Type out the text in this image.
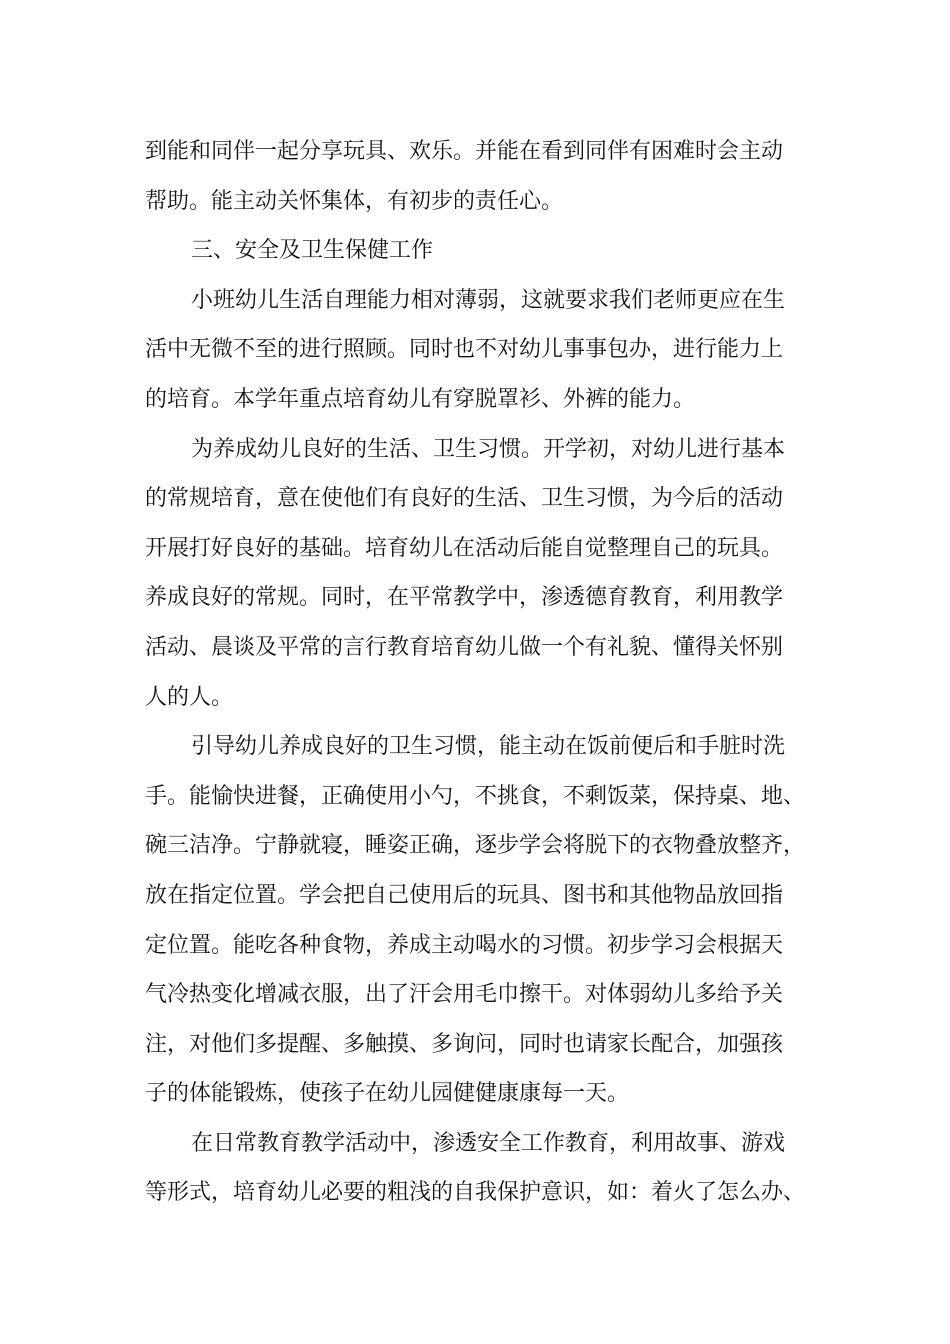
到能和同伴一起分享玩具、欢乐。并能在看到同伴有困难时会主动
帮助。能主动关怀集体，有初步的责任心。
三、安全及卫生保健工作
小班幼儿生活自理能力相对薄弱，这就要求我们老师更应在生
活中无微不至的进行照顾。同时也不对幼儿事事包办，进行能力上
的培育。本学年重点培育幼儿有穿脱罩衫、外裤的能力。
为养成幼儿良好的生活、卫生习惯。开学初，对幼儿进行基本
的常规培育，意在使他们有良好的生活、卫生习惯，为今后的活动
开展打好良好的基础。培育幼儿在活动后能自觉整理自己的玩具。
养成良好的常规。同时，在平常教学中，渗透德育教育，利用教学
活动、晨谈及平常的言行教育培育幼儿做一个有礼貌、懂得关怀别
人的人。
引导幼儿养成良好的卫生习惯，能主动在饭前便后和手脏时洗
手。能愉快进餐，正确使用小勺，不挑食，不剩饭菜，保持桌、地、
碗三洁净。宁静就寝，睡姿正确，逐步学会将脱下的衣物叠放整齐，
放在指定位置。学会把自己使用后的玩具、图书和其他物品放回指
定位置。能吃各种食物，养成主动喝水的习惯。初步学习会根据天
气冷热变化增减衣服，出了汗会用毛巾擦干。对体弱幼儿多给予关
注，对他们多提醒、多触摸、多询问，同时也请家长配合，加强孩
子的体能锻炼，使孩子在幼儿园健健康康每一天。
在日常教育教学活动中，渗透安全工作教育，利用故事、游戏
等形式，培育幼儿必要的粗浅的自我保护意识，如：着火了怎么办、
